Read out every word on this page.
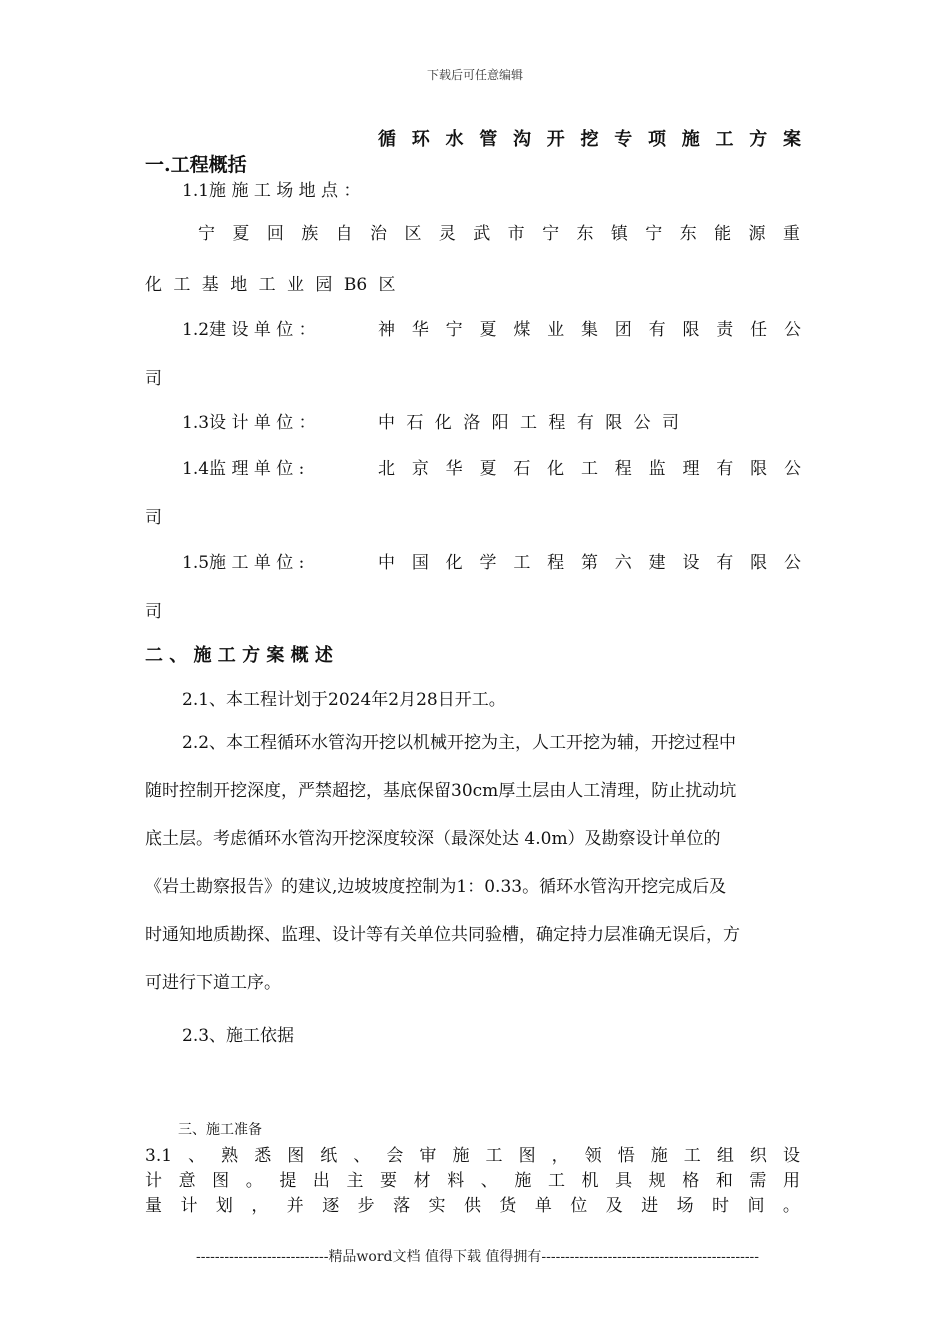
下载后可任意编辑
循 环 水 管 沟 开 挖 专 项 施 工 方 案
一.工程概括
1.1施 施 工 场 地 点 ：
宁 夏 回 族 自 治 区 灵 武 市 宁 东 镇 宁 东 能 源 重
化 工 基 地 工 业 园 B6 区
1.2建 设 单 位 ：	神 华 宁 夏 煤 业 集 团 有 限 责 任 公
司
1.3设 计 单 位 ：	中 石 化 洛 阳 工 程 有 限 公 司
1.4监 理 单 位 :	北 京 华 夏 石 化 工 程 监 理 有 限 公
司
1.5施 工 单 位 :	中 国 化 学 工 程 第 六 建 设 有 限 公
司
二 、 施 工 方 案 概 述
2.1、本工程计划于2024年2月28日开工。

2.2、本工程循环水管沟开挖以机械开挖为主，人工开挖为辅，开挖过程中

随时控制开挖深度，严禁超挖，基底保留30cm厚土层由人工清理，防止扰动坑

底土层。考虑循环水管沟开挖深度较深（最深处达 4.0m）及勘察设计单位的

《岩土勘察报告》的建议,边坡坡度控制为1：0.33。循环水管沟开挖完成后及

时通知地质勘探、监理、设计等有关单位共同验槽，确定持力层准确无误后，方

可进行下道工序。

2.3、施工依据
三、施工准备
3.1 、 熟 悉 图 纸 、 会 审 施 工 图 ， 领 悟 施 工 组 织 设
计 意 图 。 提 出 主 要 材 料 、 施 工 机 具 规 格 和 需 用
量 计 划 ， 并 逐 步 落 实 供 货 单 位 及 进 场 时 间 。
----------------------------精品word文档 值得下载 值得拥有----------------------------------------------
